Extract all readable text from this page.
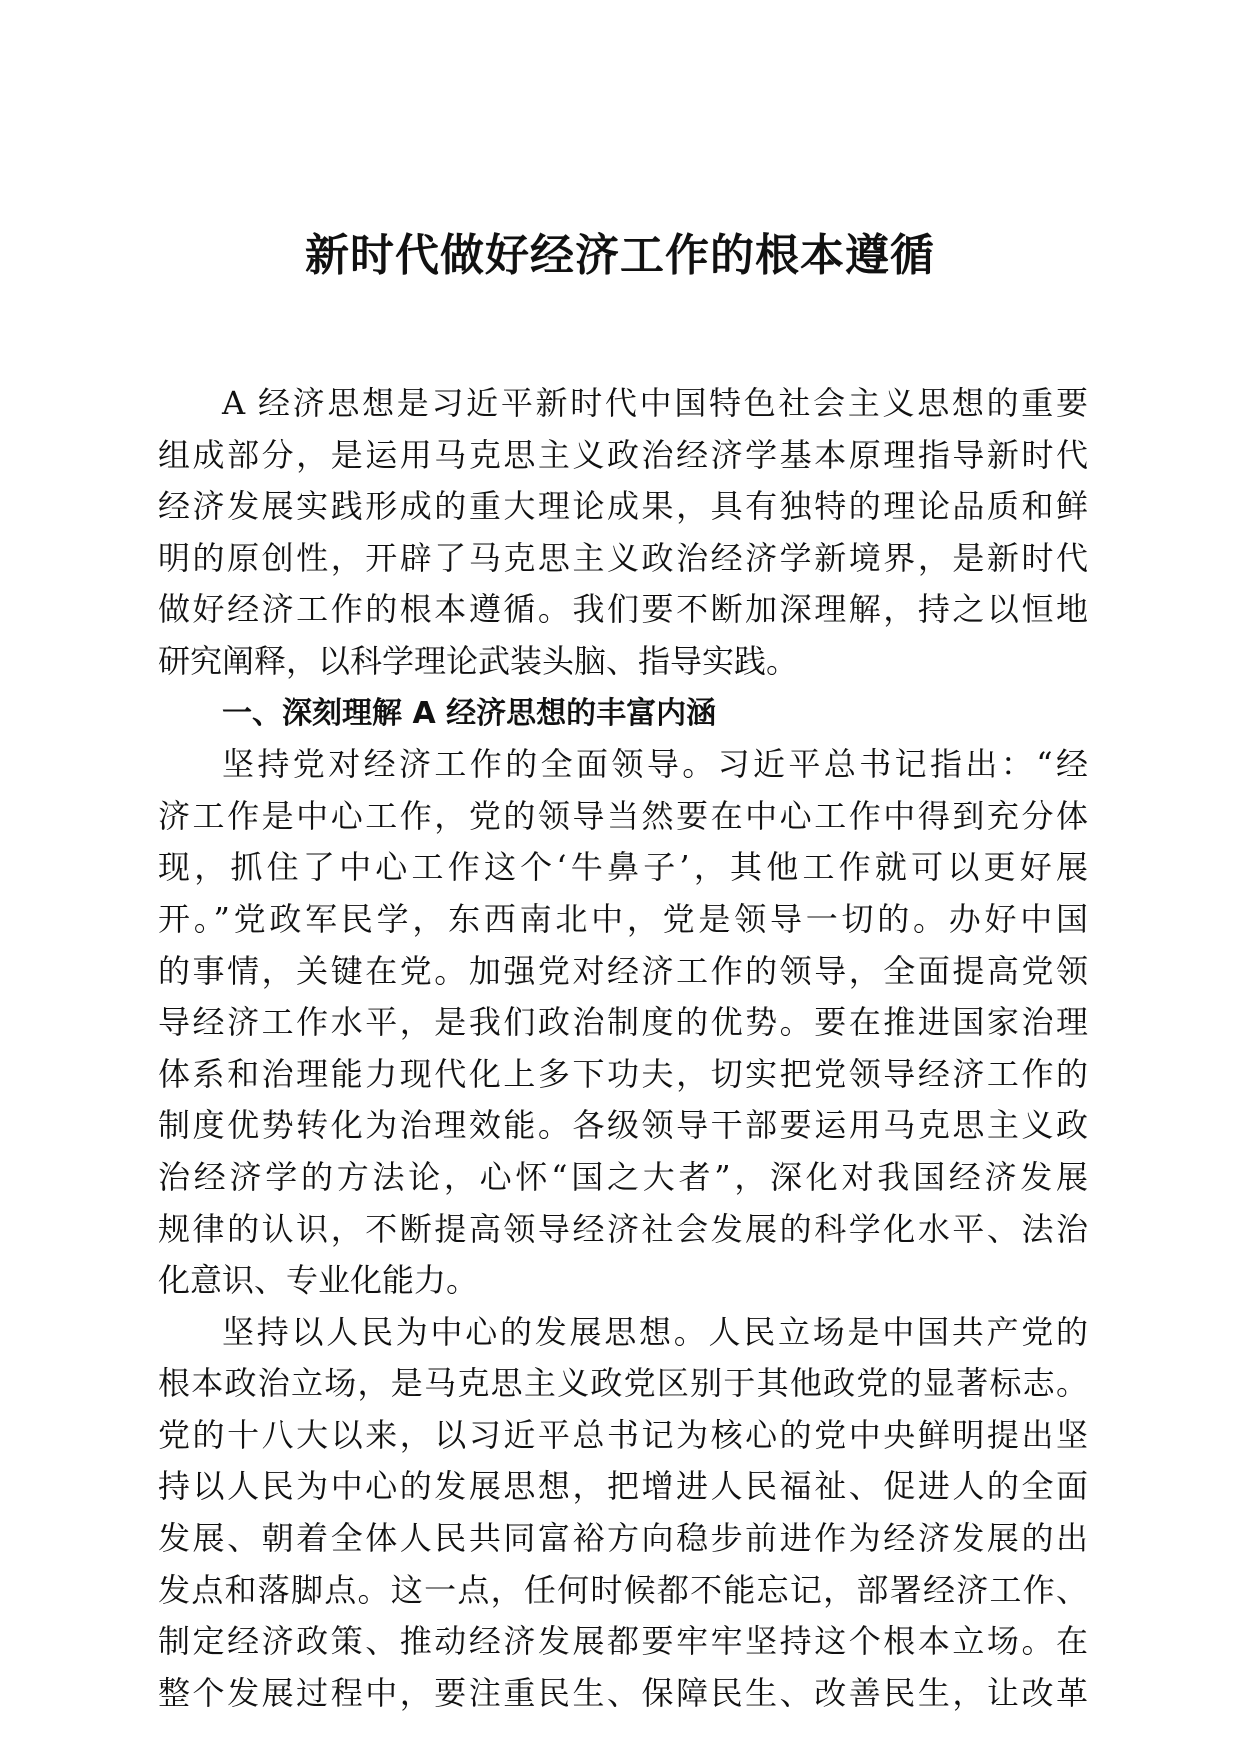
新时代做好经济工作的根本遵循
A 经济思想是习近平新时代中国特色社会主义思想的重要
组成部分，是运用马克思主义政治经济学基本原理指导新时代
经济发展实践形成的重大理论成果，具有独特的理论品质和鲜
明的原创性，开辟了马克思主义政治经济学新境界，是新时代
做好经济工作的根本遵循。我们要不断加深理解，持之以恒地
研究阐释，以科学理论武装头脑、指导实践。
一、深刻理解 A 经济思想的丰富内涵
坚持党对经济工作的全面领导。习近平总书记指出：“经
济工作是中心工作，党的领导当然要在中心工作中得到充分体
现，抓住了中心工作这个‘牛鼻子’，其他工作就可以更好展
开。”党政军民学，东西南北中，党是领导一切的。办好中国
的事情，关键在党。加强党对经济工作的领导，全面提高党领
导经济工作水平，是我们政治制度的优势。要在推进国家治理
体系和治理能力现代化上多下功夫，切实把党领导经济工作的
制度优势转化为治理效能。各级领导干部要运用马克思主义政
治经济学的方法论，心怀“国之大者”，深化对我国经济发展
规律的认识，不断提高领导经济社会发展的科学化水平、法治
化意识、专业化能力。
坚持以人民为中心的发展思想。人民立场是中国共产党的
根本政治立场，是马克思主义政党区别于其他政党的显著标志。
党的十八大以来，以习近平总书记为核心的党中央鲜明提出坚
持以人民为中心的发展思想，把增进人民福祉、促进人的全面
发展、朝着全体人民共同富裕方向稳步前进作为经济发展的出
发点和落脚点。这一点，任何时候都不能忘记，部署经济工作、
制定经济政策、推动经济发展都要牢牢坚持这个根本立场。在
整个发展过程中，要注重民生、保障民生、改善民生，让改革
